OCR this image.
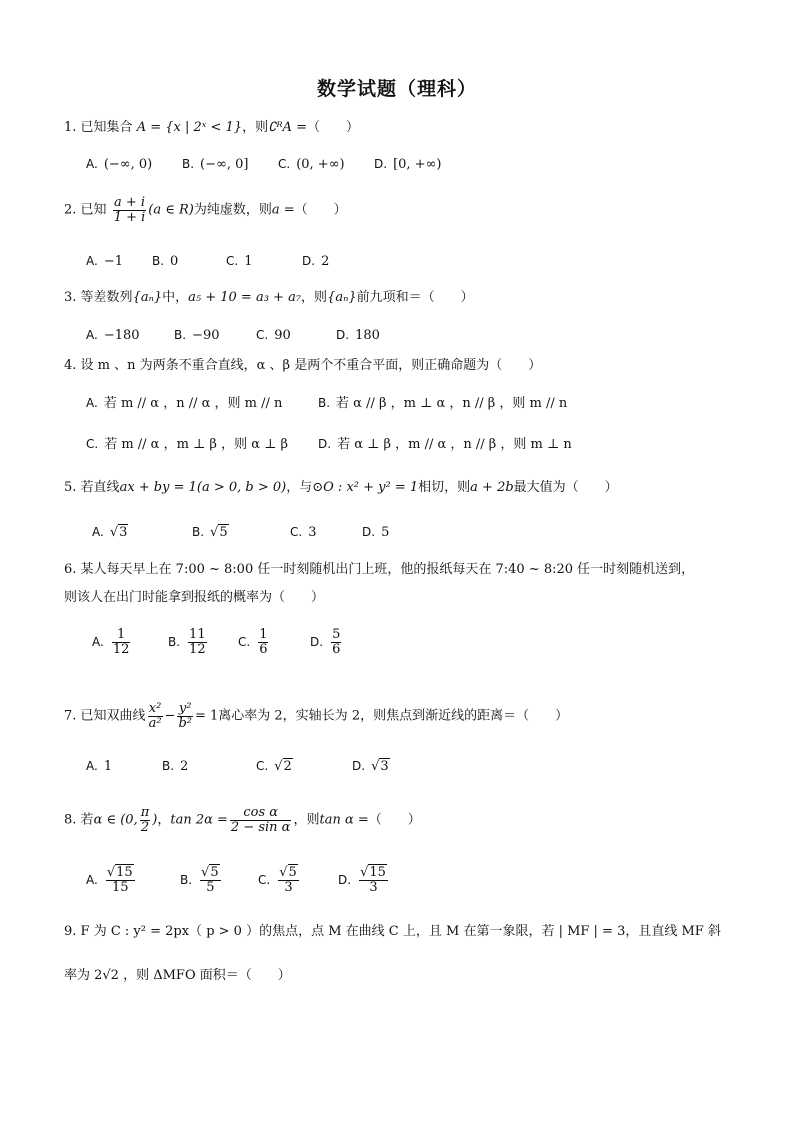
数学试题（理科）
1. 已知集合 A = {x | 2ˣ < 1}，则∁ᴿA =（　　）
A. (−∞, 0) B. (−∞, 0] C. (0, +∞) D. [0, +∞)
2. 已知 $\frac{a + i}{1 + i} (a$ ∈ R)为纯虚数，则a =（　　）
A. −1 B. 0	C. 1	D. 2
3. 等差数列{aₙ}中，a₅ + 10 = a₃ + a₇，则{aₙ}前九项和＝（　　）
A. −180	B. −90	C. 90	D. 180
4. 设 m 、n 为两条不重合直线，α 、β 是两个不重合平面，则正确命题为（　　）
A. 若 m // α ，n // α ，则 m // n	B. 若 α // β ，m ⊥ α ，n // β ，则 m // n
C. 若 m // α ，m ⊥ β ，则 α ⊥ β	D. 若 α ⊥ β ，m // α ，n // β ，则 m ⊥ n
5. 若直线ax + by = 1(a > 0, b > 0)，与⊙O : x² + y² = 1相切，则a + 2b最大值为（　　）
A. √3	B. √5	C. 3	D. 5
6. 某人每天早上在 7:00 ~ 8:00 任一时刻随机出门上班，他的报纸每天在 7:40 ~ 8:20 任一时刻随机送到，
则该人在出门时能拿到报纸的概率为（　　）
A. $\frac{1}{12}$	B. $\frac{11}{12}$	C. $\frac{1}{6}$	D. $\frac{5}{6}$
7. 已知双曲线 $\frac{\text{x²}}{\text{a²}} - \frac{\text{y²}}{\text{b²}} = 1$离心率为 2，实轴长为 2，则焦点到渐近线的距离＝（　　）
A. 1	B. 2	C. √2	D. √3
8. 若α ∈ (0, $\frac{\pi}{2}$ )，$\tan 2\alpha = \frac{\text{cos α}}{\text{2 − sin α}}$ ，则tan α =（　　）
A. $\frac{√15}{15}$	B. $\frac{√5}{5}$	C. $\frac{√5}{3}$	D. $\frac{√15}{3}$
9. F 为 C : y² = 2px（ p > 0 ）的焦点，点 M 在曲线 C 上，且 M 在第一象限，若 | MF | = 3，且直线 MF 斜
率为 2√2 ，则 ΔMFO 面积＝（　　）
